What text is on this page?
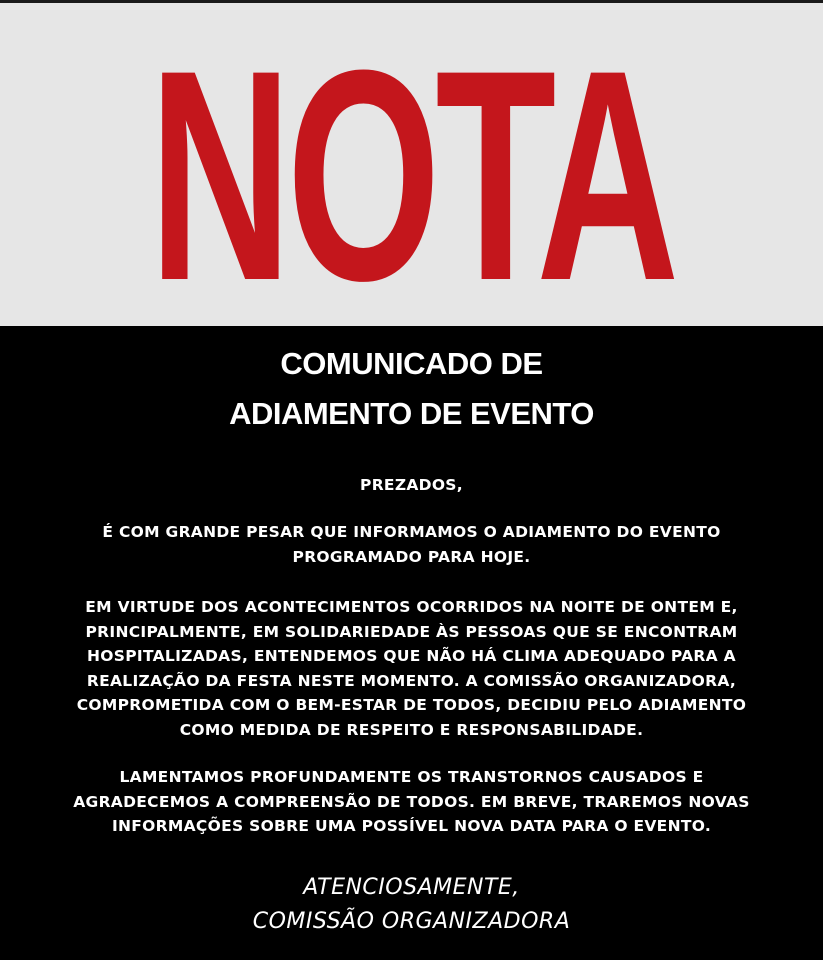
NOTA
COMUNICADO DE
ADIAMENTO DE EVENTO

PREZADOS,

É COM GRANDE PESAR QUE INFORMAMOS O ADIAMENTO DO EVENTO
PROGRAMADO PARA HOJE.

EM VIRTUDE DOS ACONTECIMENTOS OCORRIDOS NA NOITE DE ONTEM E,
PRINCIPALMENTE, EM SOLIDARIEDADE ÀS PESSOAS QUE SE ENCONTRAM
HOSPITALIZADAS, ENTENDEMOS QUE NÃO HÁ CLIMA ADEQUADO PARA A
REALIZAÇÃO DA FESTA NESTE MOMENTO. A COMISSÃO ORGANIZADORA,
COMPROMETIDA COM O BEM-ESTAR DE TODOS, DECIDIU PELO ADIAMENTO
COMO MEDIDA DE RESPEITO E RESPONSABILIDADE.

LAMENTAMOS PROFUNDAMENTE OS TRANSTORNOS CAUSADOS E
AGRADECEMOS A COMPREENSÃO DE TODOS. EM BREVE, TRAREMOS NOVAS
INFORMAÇÕES SOBRE UMA POSSÍVEL NOVA DATA PARA O EVENTO.

ATENCIOSAMENTE,

COMISSÃO ORGANIZADORA
